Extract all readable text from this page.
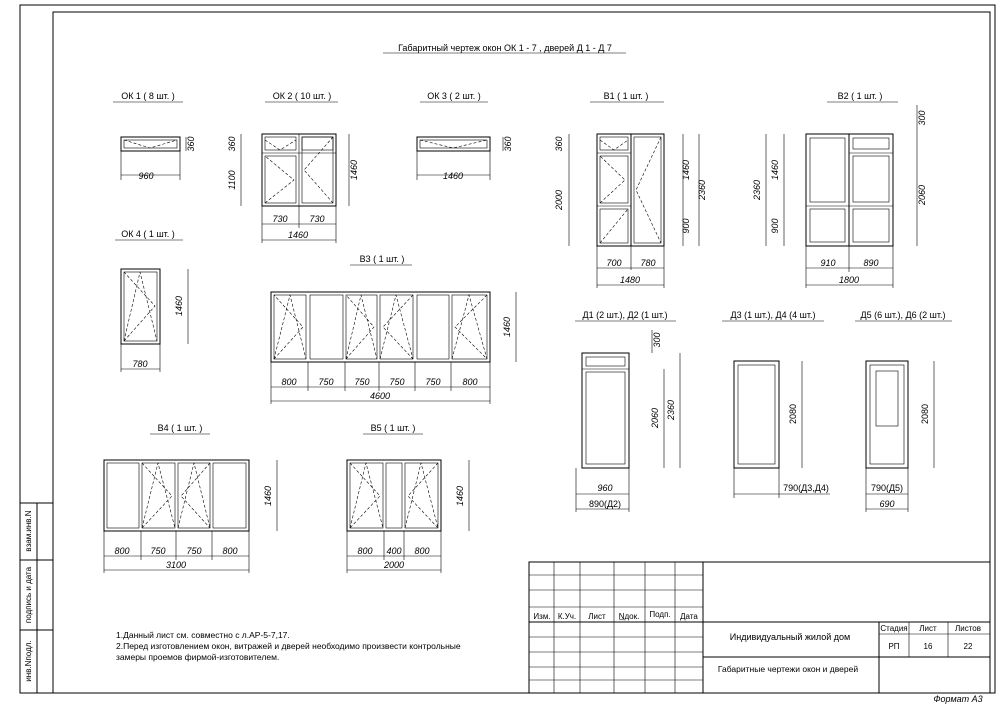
Габаритный чертеж окон ОК 1 - 7 , дверей Д 1 - Д 7
ОК 1 ( 8 шт. )
960
360
ОК 2 ( 10 шт. )
360
1100	1460
730 730
1460
ОК 3 ( 2 шт. )
1460
360
ОК 4 ( 1 шт. )
780
1460
В1 ( 1 шт. )
360
2000
1460
900
2360
700 780
1480
В2 ( 1 шт. )
2360
1460
900
300
2060
910	890
1800
В3 ( 1 шт. )
1460
800 750 750 750 750 800
4600
В4 ( 1 шт. )
1460
800 750 750 800
3100
В5 ( 1 шт. )
1460
800 400 800
2000
Д1 (2 шт.), Д2 (1 шт.)
300
2060 2360
960
890(Д2)
Д3 (1 шт.), Д4 (4 шт.)
2080
790(Д3,Д4)
Д5 (6 шт.), Д6 (2 шт.)
2080
790(Д5)
690
взам.инв.N
подпись и дата
инв.Nподл.
Изм. К.Уч. Лист N̲док. Подп. Дата
Индивидуальный жилой дом
Стадия Лист Листов
РП	16	22
Формат А3
Габаритные чертежи окон и дверей
1.Данный лист см. совместно с л.АР-5-7,17.
2.Перед изготовлением окон, витражей и дверей необходимо произвести контрольные
замеры проемов фирмой-изготовителем.
